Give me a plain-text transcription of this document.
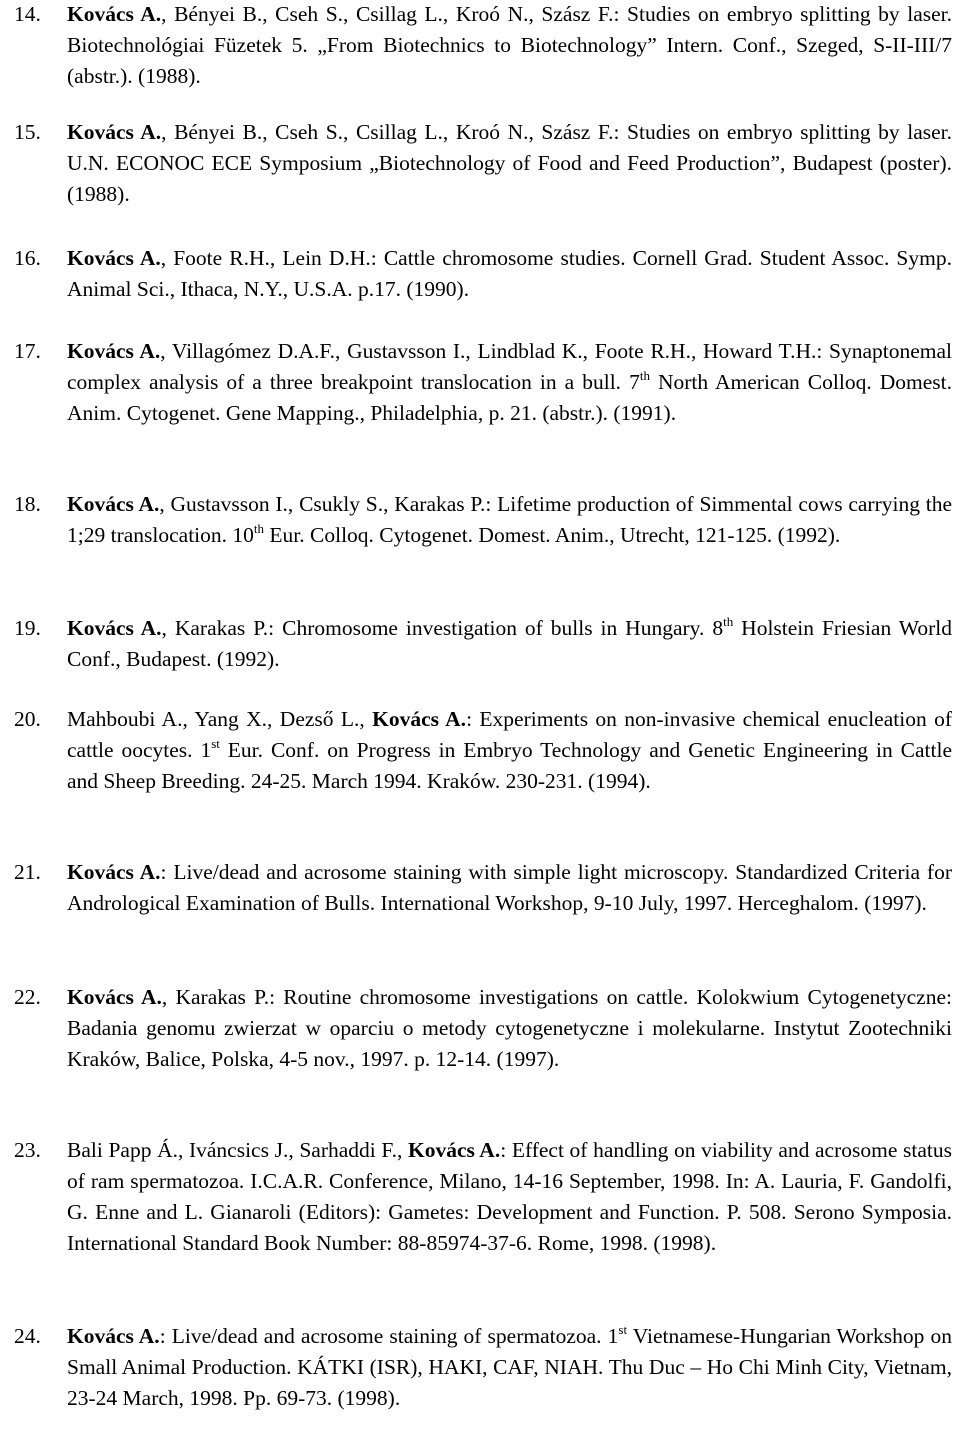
14. Kovács A., Bényei B., Cseh S., Csillag L., Kroó N., Szász F.: Studies on embryo splitting by laser. Biotechnológiai Füzetek 5. „From Biotechnics to Biotechnology” Intern. Conf., Szeged, S-II-III/7 (abstr.). (1988).
15. Kovács A., Bényei B., Cseh S., Csillag L., Kroó N., Szász F.: Studies on embryo splitting by laser. U.N. ECONOC ECE Symposium „Biotechnology of Food and Feed Production”, Budapest (poster). (1988).
16. Kovács A., Foote R.H., Lein D.H.: Cattle chromosome studies. Cornell Grad. Student Assoc. Symp. Animal Sci., Ithaca, N.Y., U.S.A. p.17. (1990).
17. Kovács A., Villagómez D.A.F., Gustavsson I., Lindblad K., Foote R.H., Howard T.H.: Synaptonemal complex analysis of a three breakpoint translocation in a bull. 7th North American Colloq. Domest. Anim. Cytogenet. Gene Mapping., Philadelphia, p. 21. (abstr.). (1991).
18. Kovács A., Gustavsson I., Csukly S., Karakas P.: Lifetime production of Simmental cows carrying the 1;29 translocation. 10th Eur. Colloq. Cytogenet. Domest. Anim., Utrecht, 121-125. (1992).
19. Kovács A., Karakas P.: Chromosome investigation of bulls in Hungary. 8th Holstein Friesian World Conf., Budapest. (1992).
20. Mahboubi A., Yang X., Dezső L., Kovács A.: Experiments on non-invasive chemical enucleation of cattle oocytes. 1st Eur. Conf. on Progress in Embryo Technology and Genetic Engineering in Cattle and Sheep Breeding. 24-25. March 1994. Kraków. 230-231. (1994).
21. Kovács A.: Live/dead and acrosome staining with simple light microscopy. Standardized Criteria for Andrological Examination of Bulls. International Workshop, 9-10 July, 1997. Herceghalom. (1997).
22. Kovács A., Karakas P.: Routine chromosome investigations on cattle. Kolokwium Cytogenetyczne: Badania genomu zwierzat w oparciu o metody cytogenetyczne i molekularne. Instytut Zootechniki Kraków, Balice, Polska, 4-5 nov., 1997. p. 12-14. (1997).
23. Bali Papp Á., Iváncsics J., Sarhaddi F., Kovács A.: Effect of handling on viability and acrosome status of ram spermatozoa. I.C.A.R. Conference, Milano, 14-16 September, 1998. In: A. Lauria, F. Gandolfi, G. Enne and L. Gianaroli (Editors): Gametes: Development and Function. P. 508. Serono Symposia. International Standard Book Number: 88-85974-37-6. Rome, 1998. (1998).
24. Kovács A.: Live/dead and acrosome staining of spermatozoa. 1st Vietnamese-Hungarian Workshop on Small Animal Production. KÁTKI (ISR), HAKI, CAF, NIAH. Thu Duc – Ho Chi Minh City, Vietnam, 23-24 March, 1998. Pp. 69-73. (1998).
